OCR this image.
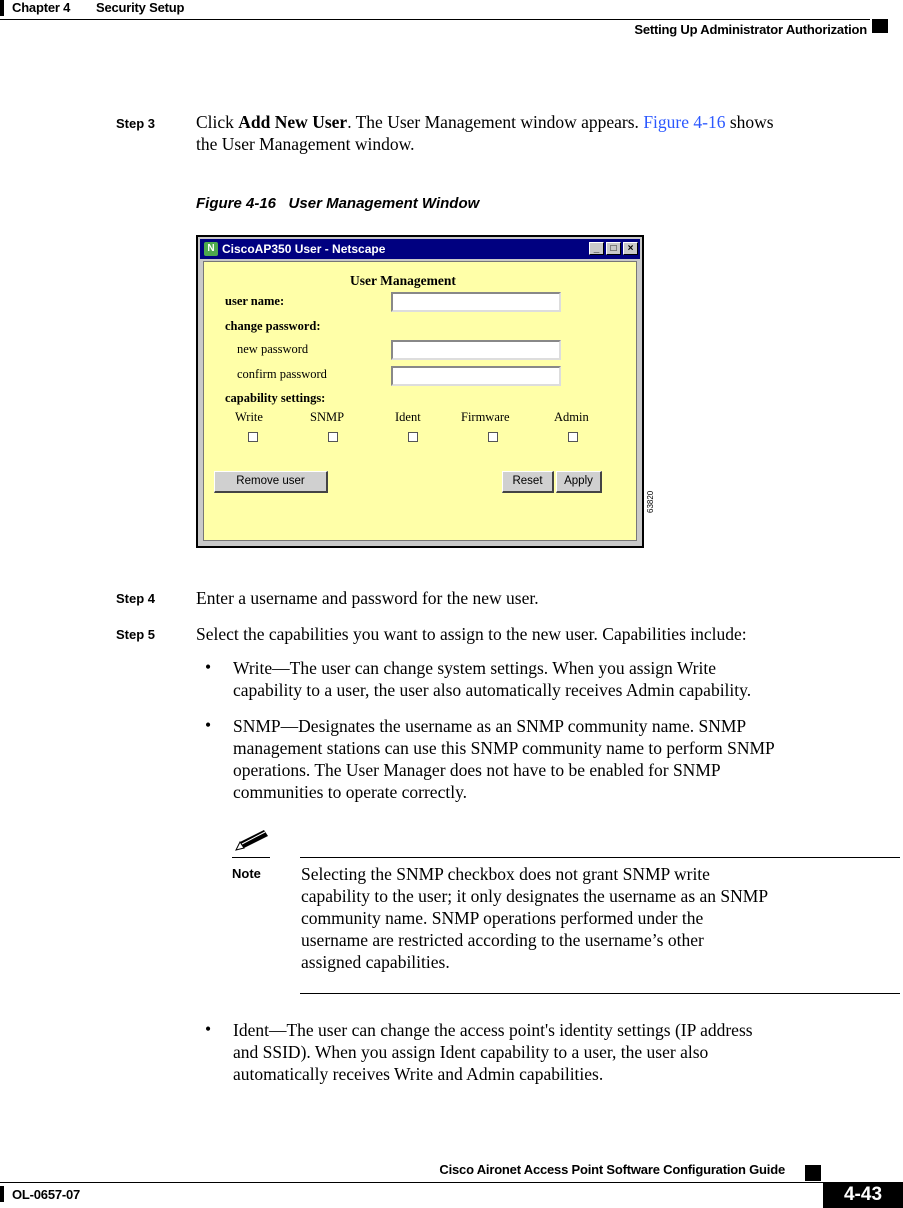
Chapter 4 Security Setup
Setting Up Administrator Authorization
Step 3 Click Add New User. The User Management window appears. Figure 4-16 shows
the User Management window.
Figure 4-16 User Management Window
N CiscoAP350 User - Netscape	_	□	×
User Management
user name:
change password:
new password
confirm password
capability settings:
Write	SNMP	Ident	Firmware	Admin
Remove user	Reset	Apply
63820
Step 4 Enter a username and password for the new user.
Step 5 Select the capabilities you want to assign to the new user. Capabilities include:
• Write—The user can change system settings. When you assign Write
capability to a user, the user also automatically receives Admin capability.
• SNMP—Designates the username as an SNMP community name. SNMP
management stations can use this SNMP community name to perform SNMP
operations. The User Manager does not have to be enabled for SNMP
communities to operate correctly.
Note Selecting the SNMP checkbox does not grant SNMP write
capability to the user; it only designates the username as an SNMP
community name. SNMP operations performed under the
username are restricted according to the username’s other
assigned capabilities.
• Ident—The user can change the access point's identity settings (IP address
and SSID). When you assign Ident capability to a user, the user also
automatically receives Write and Admin capabilities.
Cisco Aironet Access Point Software Configuration Guide
OL-0657-07	4-43
